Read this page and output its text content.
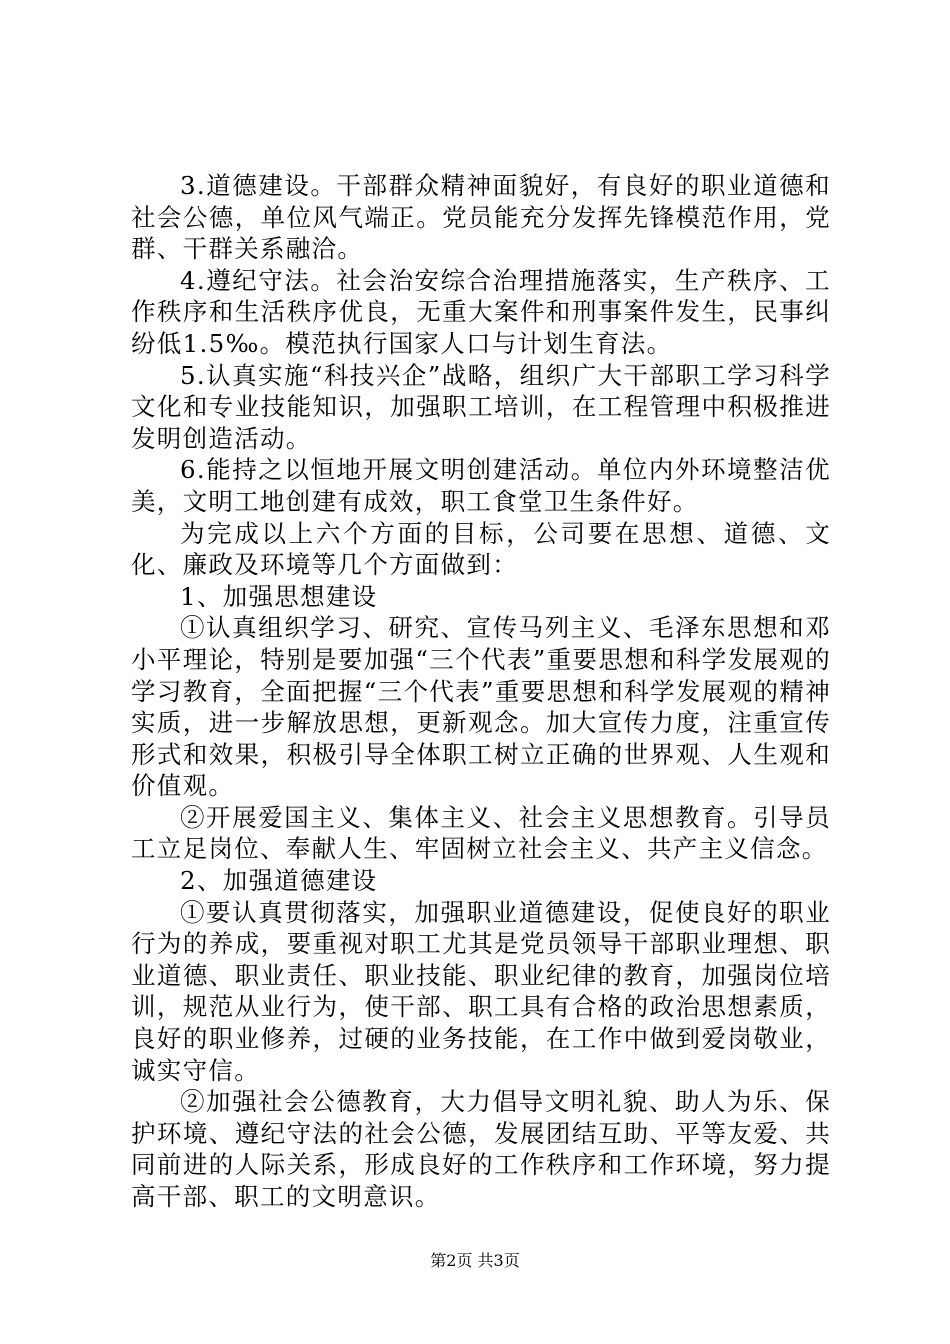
3.道德建设。干部群众精神面貌好，有良好的职业道德和社会公德，单位风气端正。党员能充分发挥先锋模范作用，党群、干群关系融洽。

4.遵纪守法。社会治安综合治理措施落实，生产秩序、工作秩序和生活秩序优良，无重大案件和刑事案件发生，民事纠纷低1.5‰。模范执行国家人口与计划生育法。

5.认真实施“科技兴企”战略，组织广大干部职工学习科学文化和专业技能知识，加强职工培训，在工程管理中积极推进发明创造活动。

6.能持之以恒地开展文明创建活动。单位内外环境整洁优美，文明工地创建有成效，职工食堂卫生条件好。

为完成以上六个方面的目标，公司要在思想、道德、文化、廉政及环境等几个方面做到：

1、加强思想建设

①认真组织学习、研究、宣传马列主义、毛泽东思想和邓小平理论，特别是要加强“三个代表”重要思想和科学发展观的学习教育，全面把握“三个代表”重要思想和科学发展观的精神实质，进一步解放思想，更新观念。加大宣传力度，注重宣传形式和效果，积极引导全体职工树立正确的世界观、人生观和价值观。

②开展爱国主义、集体主义、社会主义思想教育。引导员工立足岗位、奉献人生、牢固树立社会主义、共产主义信念。

2、加强道德建设

①要认真贯彻落实，加强职业道德建设，促使良好的职业行为的养成，要重视对职工尤其是党员领导干部职业理想、职业道德、职业责任、职业技能、职业纪律的教育，加强岗位培训，规范从业行为，使干部、职工具有合格的政治思想素质，良好的职业修养，过硬的业务技能，在工作中做到爱岗敬业，诚实守信。

②加强社会公德教育，大力倡导文明礼貌、助人为乐、保护环境、遵纪守法的社会公德，发展团结互助、平等友爱、共同前进的人际关系，形成良好的工作秩序和工作环境，努力提高干部、职工的文明意识。

第2页 共3页
